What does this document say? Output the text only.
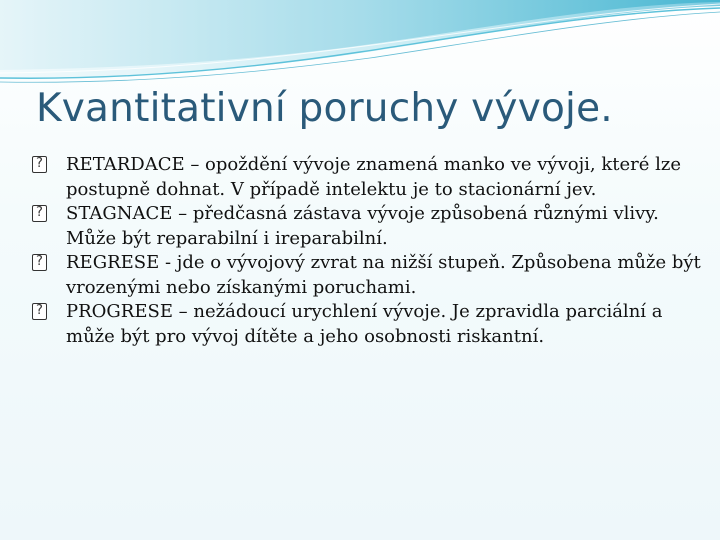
Kvantitativní poruchy vývoje.
? RETARDACE – opoždění vývoje znamená manko ve vývoji, které lze postupně dohnat. V případě intelektu je to stacionární jev.
? STAGNACE – předčasná zástava vývoje způsobená různými vlivy. Může být reparabilní i ireparabilní.
? REGRESE - jde o vývojový zvrat na nižší stupeň. Způsobena může být vrozenými nebo získanými poruchami.
? PROGRESE – nežádoucí urychlení vývoje. Je zpravidla parciální a může být pro vývoj dítěte a jeho osobnosti riskantní.
